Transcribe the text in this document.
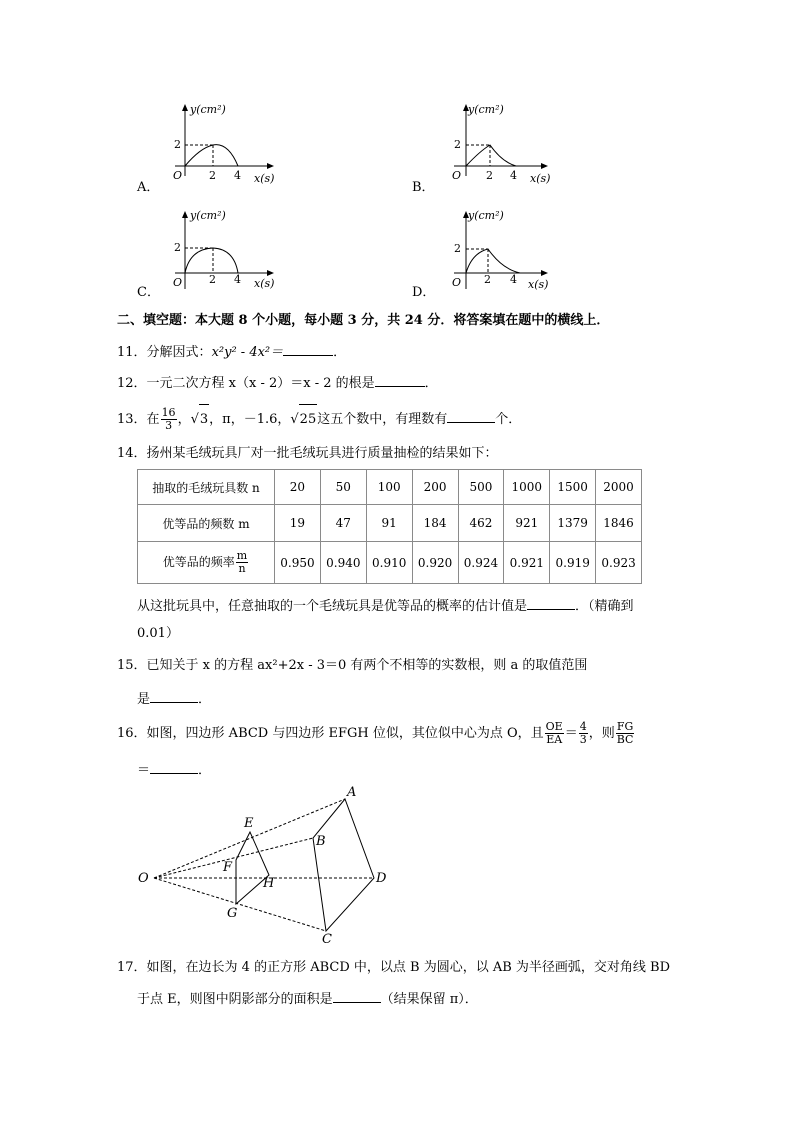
y(cm²)
2
O 2 4 x(s)
A．
y(cm²)
2
O 2 4 x(s)
B．
y(cm²)
2
O 2 4 x(s)
C．
y(cm²)
2
O 2 4 x(s)
D．
二、填空题：本大题 8 个小题，每小题 3 分，共 24 分．将答案填在题中的横线上．
11．分解因式：x²y² - 4x²＝	．
12．一元二次方程 x（x - 2）＝x - 2 的根是	．
13．在 $\frac{16}{3}$ ，√3，π，－1.6，√25这五个数中，有理数有	个．
14．扬州某毛绒玩具厂对一批毛绒玩具进行质量抽检的结果如下：
抽取的毛绒玩具数 n	20	50	100	200	500	1000	1500	2000
优等品的频数 m	19	47	91	184	462	921	1379	1846
优等品的频率 $\frac{m}{n}$	0.950	0.940	0.910	0.920	0.924	0.921	0.919	0.923
从这批玩具中，任意抽取的一个毛绒玩具是优等品的概率的估计值是	．（精确到
0.01）
15．已知关于 x 的方程 ax²+2x - 3＝0 有两个不相等的实数根，则 a 的取值范围
是	．
16．如图，四边形 ABCD 与四边形 EFGH 位似，其位似中心为点 O，且 $\frac{OE}{EA} = \frac{4}{3}$ ，则 $\frac{FG}{BC}$
＝	．
O
A
B
C
D
E
F
G
H
17．如图，在边长为 4 的正方形 ABCD 中，以点 B 为圆心，以 AB 为半径画弧，交对角线 BD
于点 E，则图中阴影部分的面积是	（结果保留 π）．
